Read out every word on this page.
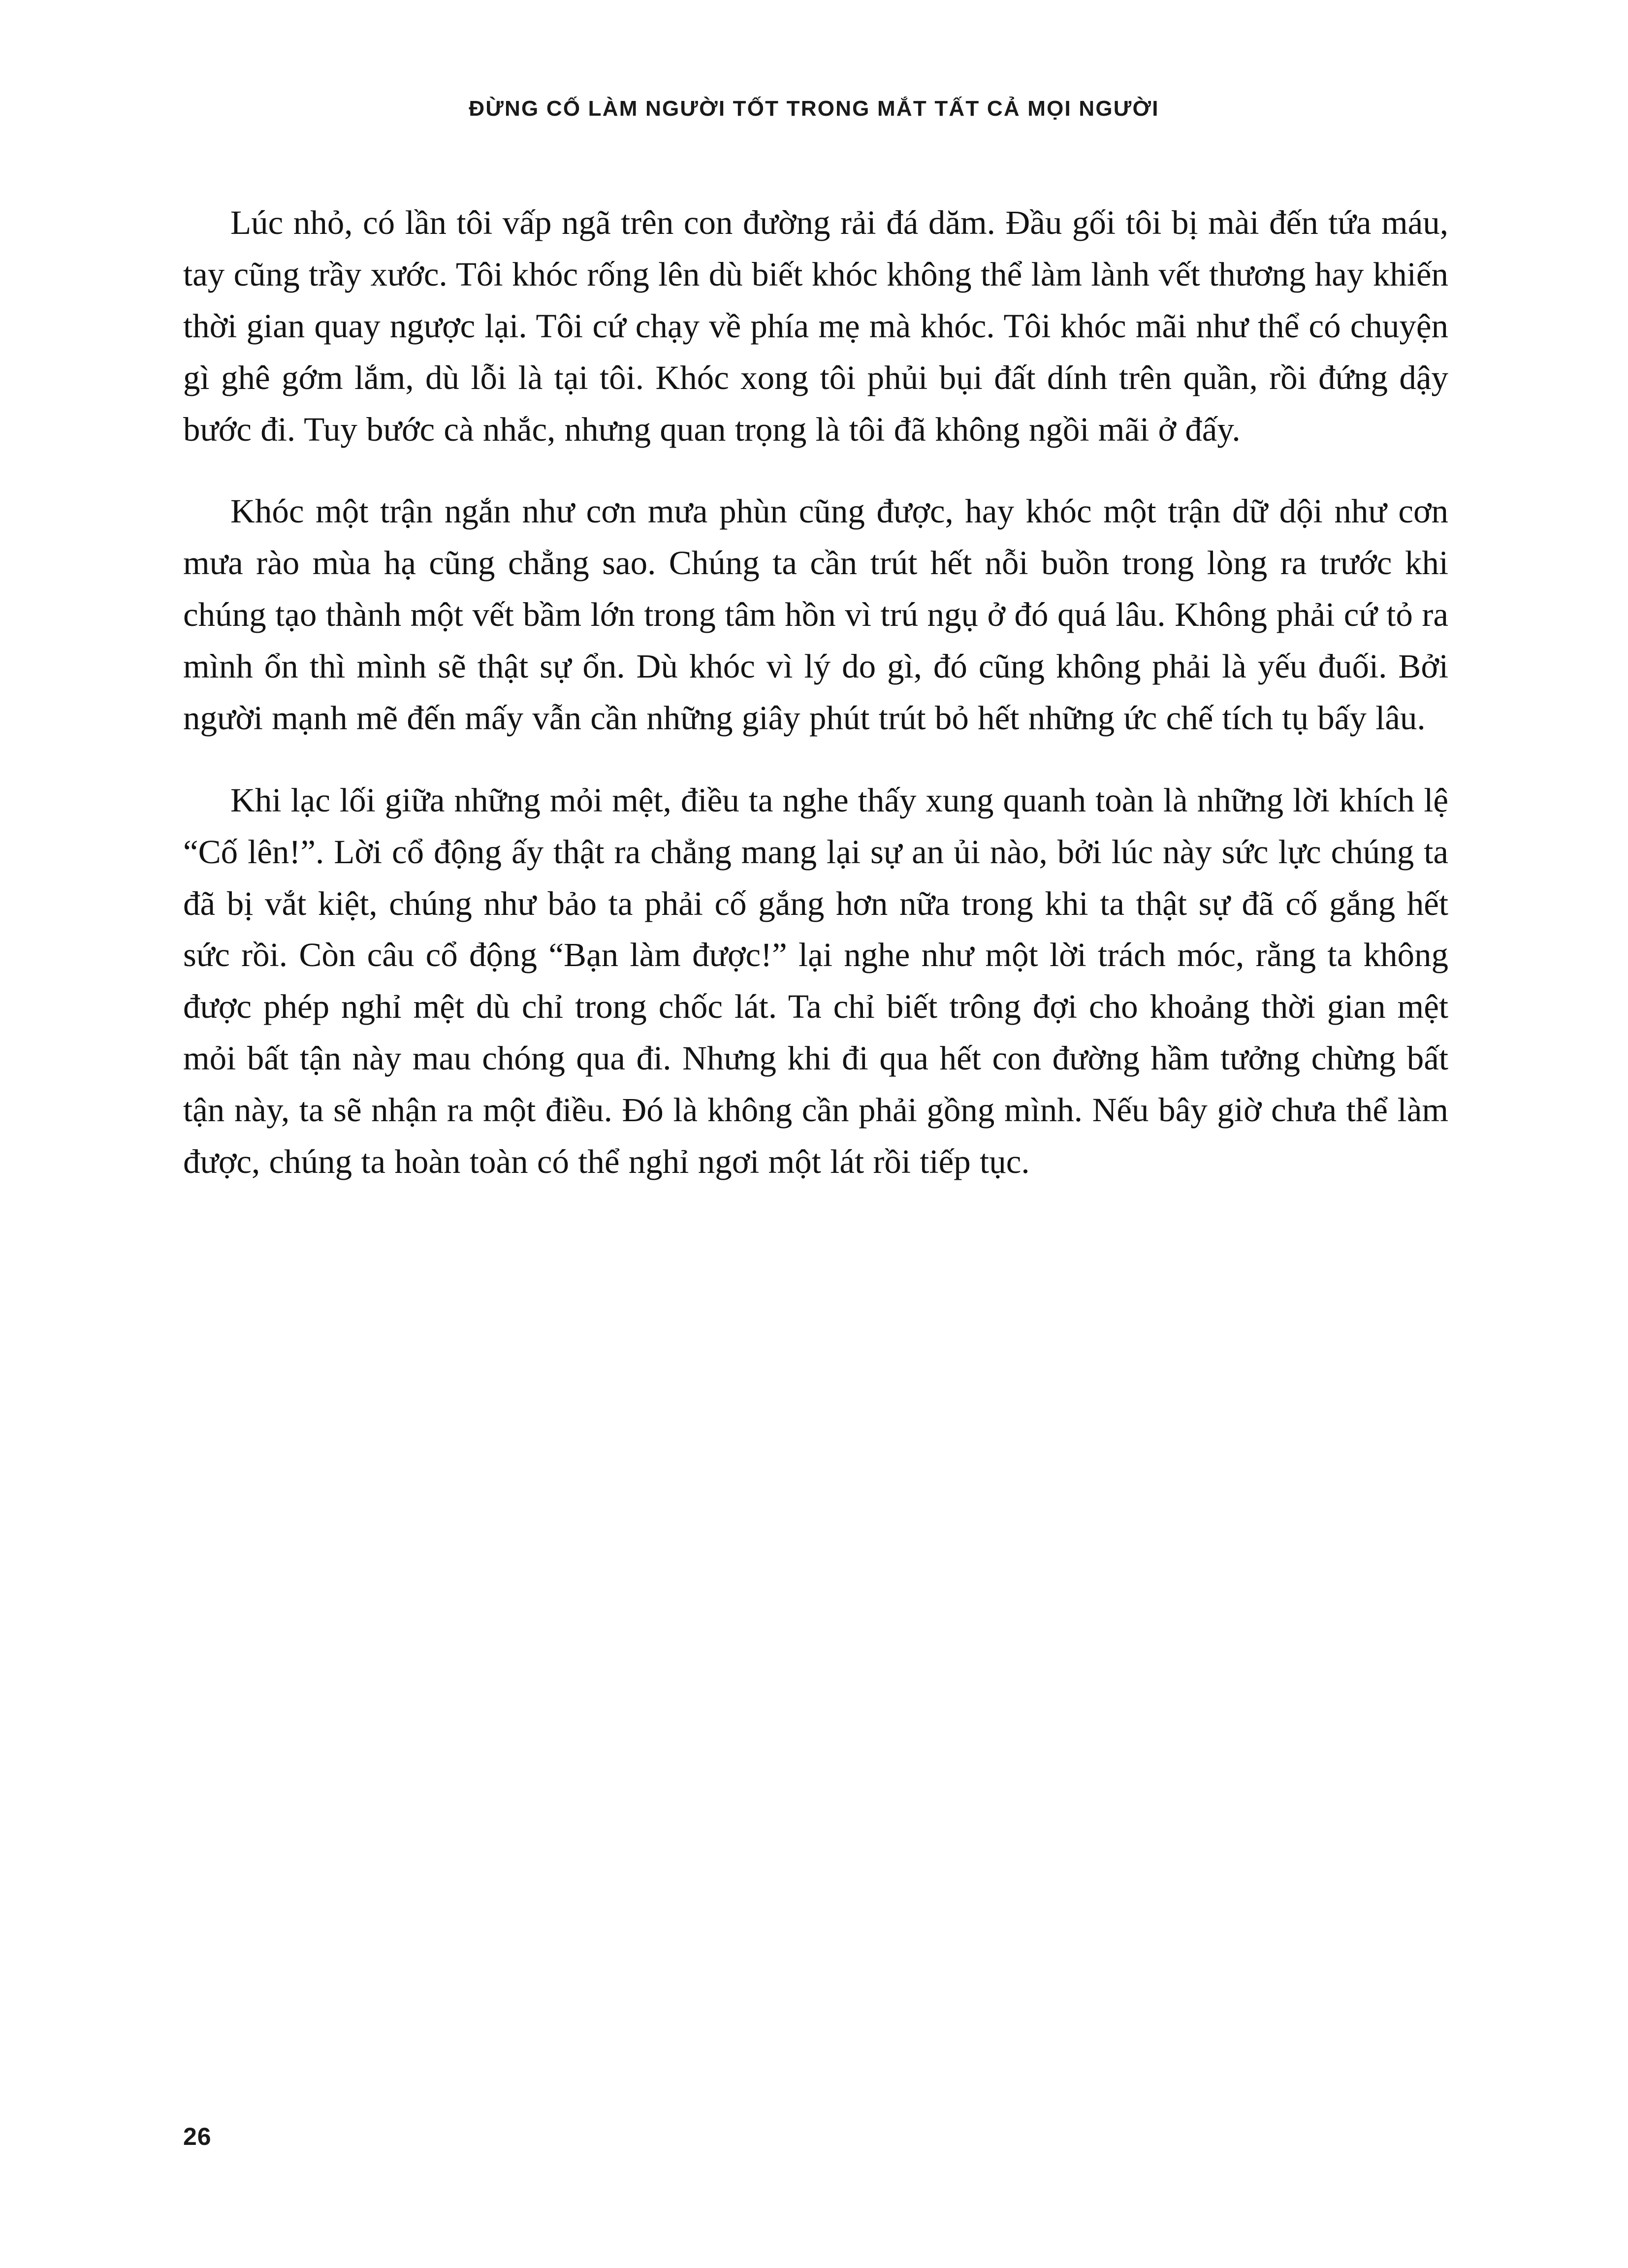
ĐỪNG CỐ LÀM NGƯỜI TỐT TRONG MẮT TẤT CẢ MỌI NGƯỜI

Lúc nhỏ, có lần tôi vấp ngã trên con đường rải đá dăm. Đầu gối tôi bị mài đến tứa máu, tay cũng trầy xước. Tôi khóc rống lên dù biết khóc không thể làm lành vết thương hay khiến thời gian quay ngược lại. Tôi cứ chạy về phía mẹ mà khóc. Tôi khóc mãi như thể có chuyện gì ghê gớm lắm, dù lỗi là tại tôi. Khóc xong tôi phủi bụi đất dính trên quần, rồi đứng dậy bước đi. Tuy bước cà nhắc, nhưng quan trọng là tôi đã không ngồi mãi ở đấy.

Khóc một trận ngắn như cơn mưa phùn cũng được, hay khóc một trận dữ dội như cơn mưa rào mùa hạ cũng chẳng sao. Chúng ta cần trút hết nỗi buồn trong lòng ra trước khi chúng tạo thành một vết bầm lớn trong tâm hồn vì trú ngụ ở đó quá lâu. Không phải cứ tỏ ra mình ổn thì mình sẽ thật sự ổn. Dù khóc vì lý do gì, đó cũng không phải là yếu đuối. Bởi người mạnh mẽ đến mấy vẫn cần những giây phút trút bỏ hết những ức chế tích tụ bấy lâu.

Khi lạc lối giữa những mỏi mệt, điều ta nghe thấy xung quanh toàn là những lời khích lệ “Cố lên!”. Lời cổ động ấy thật ra chẳng mang lại sự an ủi nào, bởi lúc này sức lực chúng ta đã bị vắt kiệt, chúng như bảo ta phải cố gắng hơn nữa trong khi ta thật sự đã cố gắng hết sức rồi. Còn câu cổ động “Bạn làm được!” lại nghe như một lời trách móc, rằng ta không được phép nghỉ mệt dù chỉ trong chốc lát. Ta chỉ biết trông đợi cho khoảng thời gian mệt mỏi bất tận này mau chóng qua đi. Nhưng khi đi qua hết con đường hầm tưởng chừng bất tận này, ta sẽ nhận ra một điều. Đó là không cần phải gồng mình. Nếu bây giờ chưa thể làm được, chúng ta hoàn toàn có thể nghỉ ngơi một lát rồi tiếp tục.

26
